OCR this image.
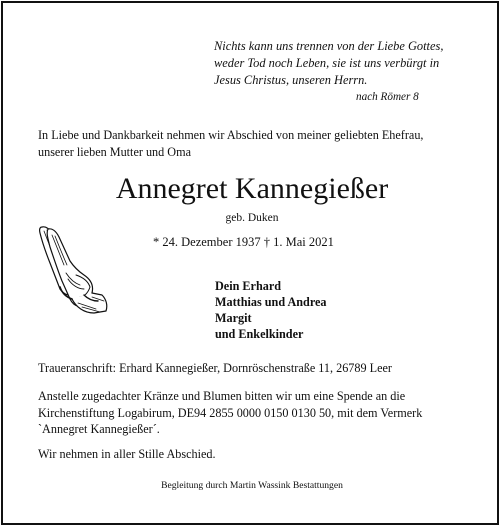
Nichts kann uns trennen von der Liebe Gottes,
weder Tod noch Leben, sie ist uns verbürgt in
Jesus Christus, unseren Herrn.
nach Römer 8
In Liebe und Dankbarkeit nehmen wir Abschied von meiner geliebten Ehefrau,
unserer lieben Mutter und Oma
Annegret Kannegießer
geb. Duken
* 24. Dezember 1937 † 1. Mai 2021
Dein Erhard
Matthias und Andrea
Margit
und Enkelkinder
Traueranschrift: Erhard Kannegießer, Dornröschenstraße 11, 26789 Leer
Anstelle zugedachter Kränze und Blumen bitten wir um eine Spende an die
Kirchenstiftung Logabirum, DE94 2855 0000 0150 0130 50, mit dem Vermerk
`Annegret Kannegießer´.
Wir nehmen in aller Stille Abschied.
Begleitung durch Martin Wassink Bestattungen
